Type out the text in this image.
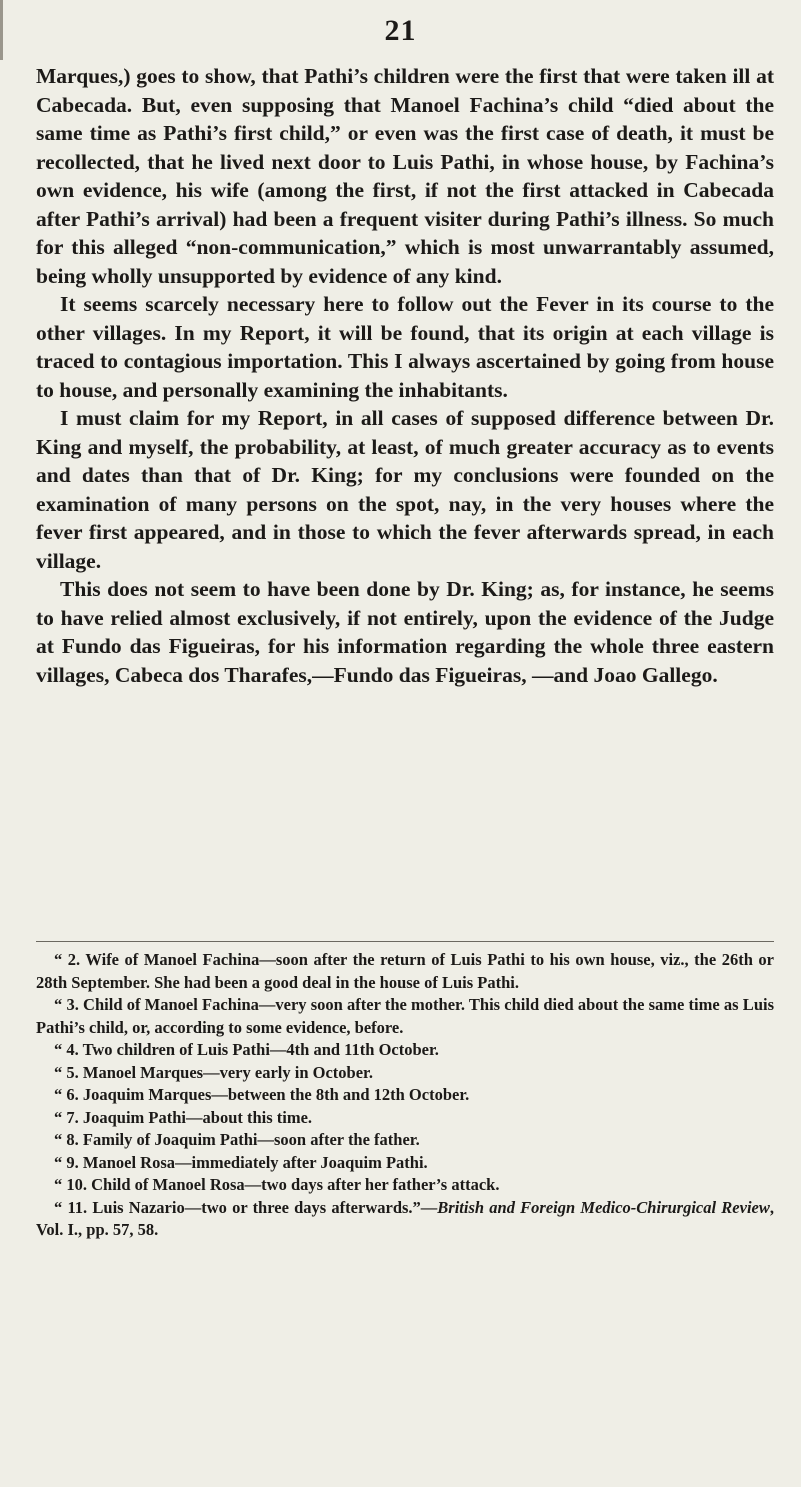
21

Marques,) goes to show, that Pathi’s children were the first that were taken ill at Cabecada. But, even supposing that Manoel Fachina’s child “died about the same time as Pathi’s first child,” or even was the first case of death, it must be recollected, that he lived next door to Luis Pathi, in whose house, by Fachina’s own evidence, his wife (among the first, if not the first attacked in Cabecada after Pathi’s arrival) had been a frequent visiter during Pathi’s illness. So much for this alleged “non-communication,” which is most unwarrantably assumed, being wholly unsupported by evidence of any kind.

It seems scarcely necessary here to follow out the Fever in its course to the other villages. In my Report, it will be found, that its origin at each village is traced to contagious importation. This I always ascertained by going from house to house, and personally examining the inhabitants.

I must claim for my Report, in all cases of supposed difference between Dr. King and myself, the probability, at least, of much greater accuracy as to events and dates than that of Dr. King; for my conclusions were founded on the examination of many persons on the spot, nay, in the very houses where the fever first appeared, and in those to which the fever afterwards spread, in each village.

This does not seem to have been done by Dr. King; as, for instance, he seems to have relied almost exclusively, if not entirely, upon the evidence of the Judge at Fundo das Figueiras, for his information regarding the whole three eastern villages, Cabeca dos Tharafes,—Fundo das Figueiras, —and Joao Gallego.

“ 2. Wife of Manoel Fachina—soon after the return of Luis Pathi to his own house, viz., the 26th or 28th September. She had been a good deal in the house of Luis Pathi.

“ 3. Child of Manoel Fachina—very soon after the mother. This child died about the same time as Luis Pathi’s child, or, according to some evidence, before.

“ 4. Two children of Luis Pathi—4th and 11th October.

“ 5. Manoel Marques—very early in October.

“ 6. Joaquim Marques—between the 8th and 12th October.

“ 7. Joaquim Pathi—about this time.

“ 8. Family of Joaquim Pathi—soon after the father.

“ 9. Manoel Rosa—immediately after Joaquim Pathi.

“ 10. Child of Manoel Rosa—two days after her father’s attack.

“ 11. Luis Nazario—two or three days afterwards.”—British and Foreign Medico-Chirurgical Review, Vol. I., pp. 57, 58.
